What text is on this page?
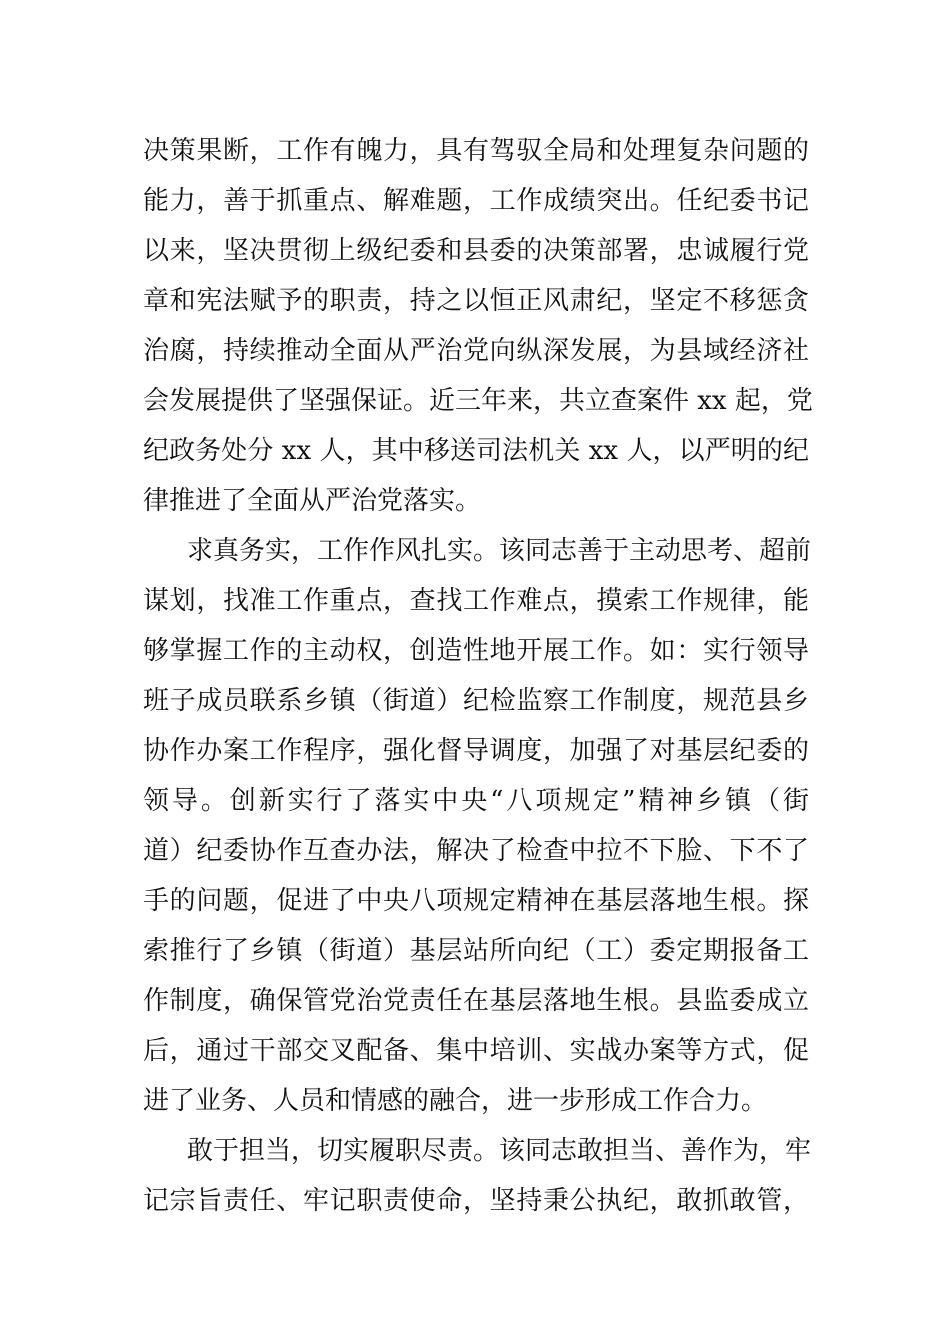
决策果断，工作有魄力，具有驾驭全局和处理复杂问题的
能力，善于抓重点、解难题，工作成绩突出。任纪委书记
以来，坚决贯彻上级纪委和县委的决策部署，忠诚履行党
章和宪法赋予的职责，持之以恒正风肃纪，坚定不移惩贪
治腐，持续推动全面从严治党向纵深发展，为县域经济社
会发展提供了坚强保证。近三年来，共立查案件 xx 起，党
纪政务处分 xx 人，其中移送司法机关 xx 人，以严明的纪
律推进了全面从严治党落实。
求真务实，工作作风扎实。该同志善于主动思考、超前
谋划，找准工作重点，查找工作难点，摸索工作规律，能
够掌握工作的主动权，创造性地开展工作。如：实行领导
班子成员联系乡镇（街道）纪检监察工作制度，规范县乡
协作办案工作程序，强化督导调度，加强了对基层纪委的
领导。创新实行了落实中央“八项规定”精神乡镇（街
道）纪委协作互查办法，解决了检查中拉不下脸、下不了
手的问题，促进了中央八项规定精神在基层落地生根。探
索推行了乡镇（街道）基层站所向纪（工）委定期报备工
作制度，确保管党治党责任在基层落地生根。县监委成立
后，通过干部交叉配备、集中培训、实战办案等方式，促
进了业务、人员和情感的融合，进一步形成工作合力。
敢于担当，切实履职尽责。该同志敢担当、善作为，牢
记宗旨责任、牢记职责使命，坚持秉公执纪，敢抓敢管，
